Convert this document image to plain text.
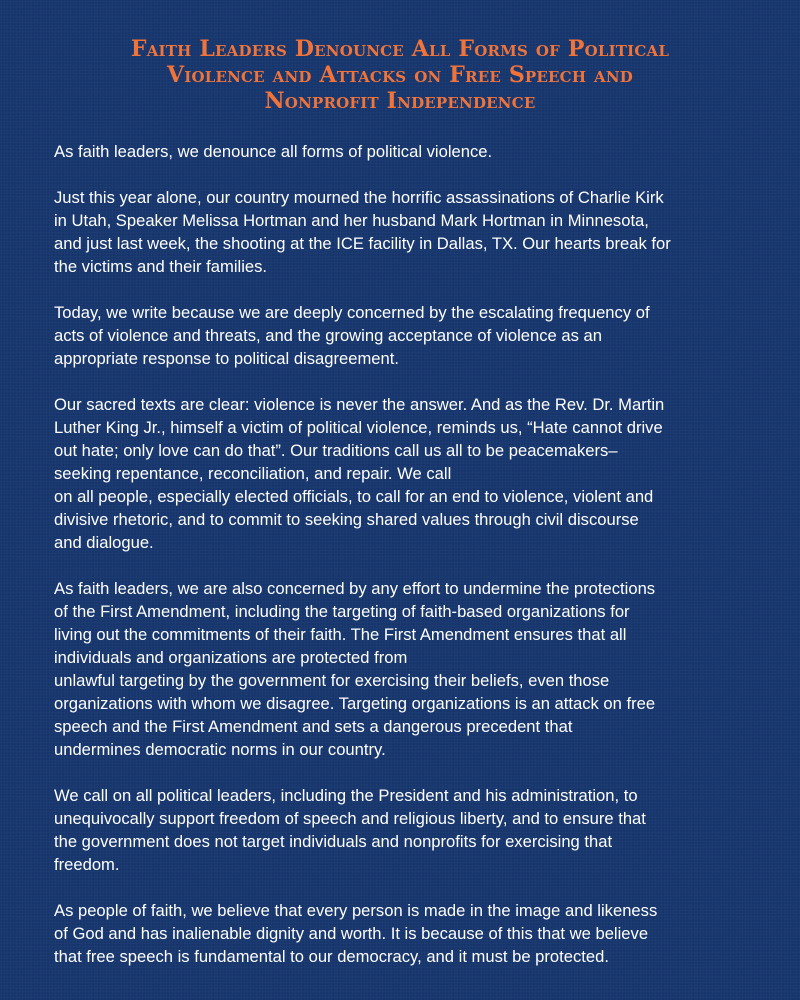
Faith Leaders Denounce All Forms of Political
Violence and Attacks on Free Speech and
Nonprofit Independence

As faith leaders, we denounce all forms of political violence.

Just this year alone, our country mourned the horrific assassinations of Charlie Kirk
in Utah, Speaker Melissa Hortman and her husband Mark Hortman in Minnesota,
and just last week, the shooting at the ICE facility in Dallas, TX. Our hearts break for
the victims and their families.

Today, we write because we are deeply concerned by the escalating frequency of
acts of violence and threats, and the growing acceptance of violence as an
appropriate response to political disagreement.

Our sacred texts are clear: violence is never the answer. And as the Rev. Dr. Martin
Luther King Jr., himself a victim of political violence, reminds us, “Hate cannot drive
out hate; only love can do that”. Our traditions call us all to be peacemakers–
seeking repentance, reconciliation, and repair. We call
on all people, especially elected officials, to call for an end to violence, violent and
divisive rhetoric, and to commit to seeking shared values through civil discourse
and dialogue.

As faith leaders, we are also concerned by any effort to undermine the protections
of the First Amendment, including the targeting of faith-based organizations for
living out the commitments of their faith. The First Amendment ensures that all
individuals and organizations are protected from
unlawful targeting by the government for exercising their beliefs, even those
organizations with whom we disagree. Targeting organizations is an attack on free
speech and the First Amendment and sets a dangerous precedent that
undermines democratic norms in our country.

We call on all political leaders, including the President and his administration, to
unequivocally support freedom of speech and religious liberty, and to ensure that
the government does not target individuals and nonprofits for exercising that
freedom.

As people of faith, we believe that every person is made in the image and likeness
of God and has inalienable dignity and worth. It is because of this that we believe
that free speech is fundamental to our democracy, and it must be protected.
